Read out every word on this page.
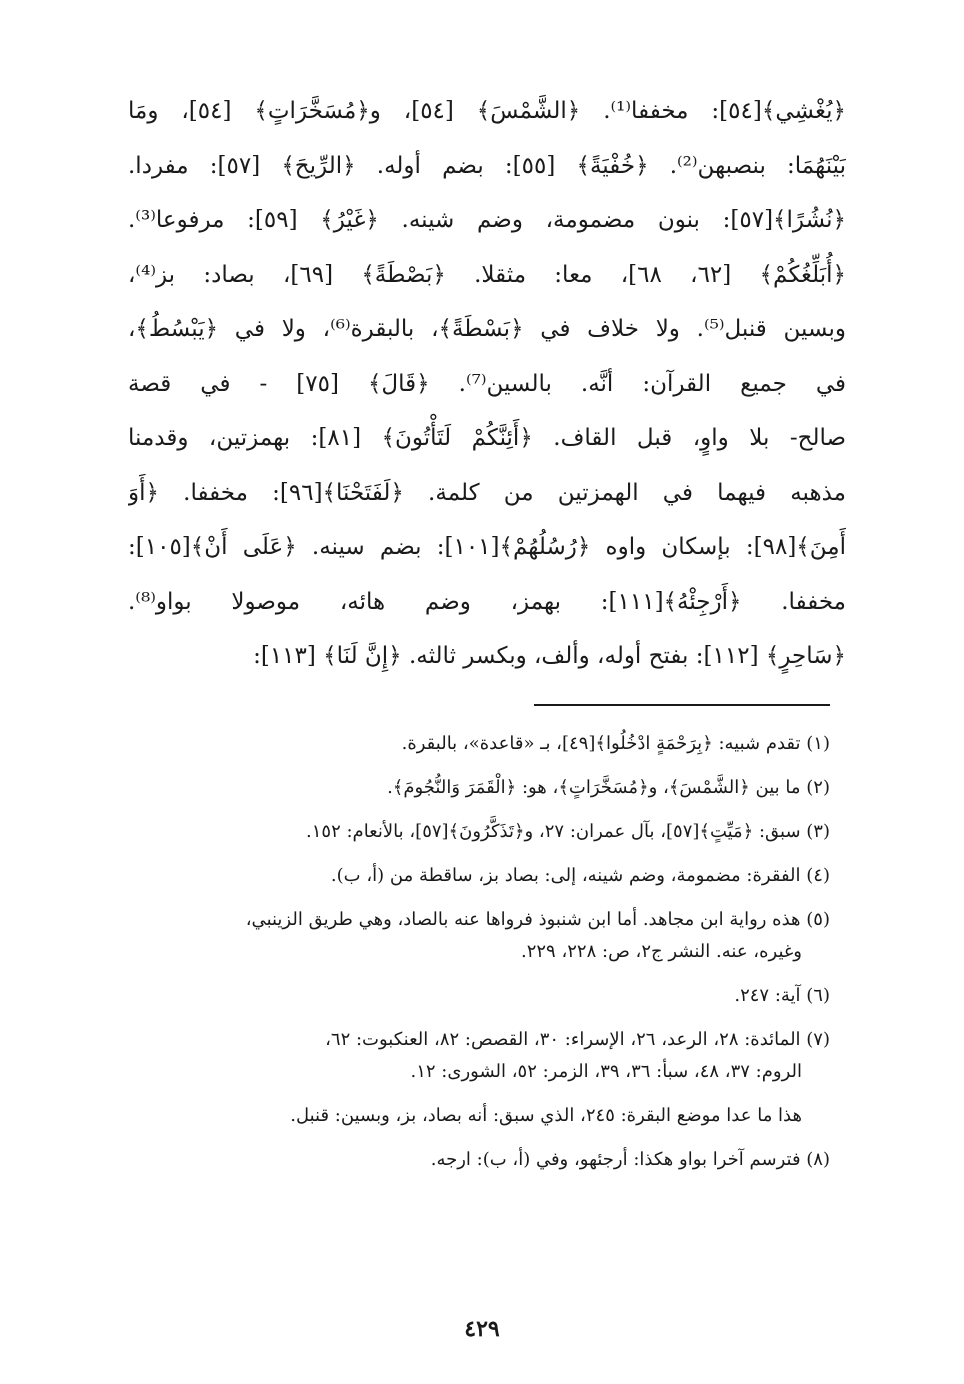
﴿يُغْشِي﴾[٥٤]: مخففا⁽¹⁾. ﴿الشَّمْسَ﴾ [٥٤]، و﴿مُسَخَّرَاتٍ﴾ [٥٤]، ومَا
بَيْنَهُمَا: بنصبهن⁽²⁾. ﴿خُفْيَةً﴾ [٥٥]: بضم أوله. ﴿الرِّيحَ﴾ [٥٧]: مفردا.
﴿نُشُرًا﴾[٥٧]: بنون مضمومة، وضم شينه. ﴿غَيْرُ﴾ [٥٩]: مرفوعا⁽³⁾.
﴿أُبَلِّغُكُمْ﴾ [٦٢، ٦٨]، معا: مثقلا. ﴿بَصْطَةً﴾ [٦٩]، بصاد: بز⁽⁴⁾،
وبسين قنبل⁽⁵⁾. ولا خلاف في ﴿بَسْطَةً﴾، بالبقرة⁽⁶⁾، ولا في ﴿يَبْسُطُ﴾،
في جميع القرآن: أنَّه. بالسين⁽⁷⁾. ﴿قَالَ﴾ [٧٥] - في قصة
صالح- بلا واوٍ، قبل القاف. ﴿أَئِنَّكُمْ لَتَأْتُونَ﴾ [٨١]: بهمزتين، وقدمنا
مذهبه فيهما في الهمزتين من كلمة. ﴿لَفَتَحْنَا﴾[٩٦]: مخففا. ﴿أَوَ
أَمِنَ﴾[٩٨]: بإسكان واوه ﴿رُسُلُهُمْ﴾[١٠١]: بضم سينه. ﴿عَلَى أَنْ﴾[١٠٥]:
مخففا. ﴿أَرْجِئْهُ﴾[١١١]: بهمز، وضم هائه، موصولا بواو⁽⁸⁾.
﴿سَاحِرٍ﴾ [١١٢]: بفتح أوله، وألف، وبكسر ثالثه. ﴿إِنَّ لَنَا﴾ [١١٣]:
(١) تقدم شبيه: ﴿بِرَحْمَةٍ ادْخُلُوا﴾[٤٩]، بـ «قاعدة»، بالبقرة.
(٢) ما بين ﴿الشَّمْسَ﴾، و﴿مُسَخَّرَاتٍ﴾، هو: ﴿الْقَمَرَ وَالنُّجُومَ﴾.
(٣) سبق: ﴿مَيِّتٍ﴾[٥٧]، بآل عمران: ٢٧، و﴿تَذَكَّرُونَ﴾[٥٧]، بالأنعام: ١٥٢.
(٤) الفقرة: مضمومة، وضم شينه، إلى: بصاد بز، ساقطة من (أ، ب).
(٥) هذه رواية ابن مجاهد. أما ابن شنبوذ فرواها عنه بالصاد، وهي طريق الزينبي،
وغيره، عنه. النشر ج٢، ص: ٢٢٨، ٢٢٩.
(٦) آية: ٢٤٧.
(٧) المائدة: ٢٨، الرعد، ٢٦، الإسراء: ٣٠، القصص: ٨٢، العنكبوت: ٦٢،
الروم: ٣٧، ٤٨، سبأ: ٣٦، ٣٩، الزمر: ٥٢، الشورى: ١٢.
هذا ما عدا موضع البقرة: ٢٤٥، الذي سبق: أنه بصاد، بز، وبسين: قنبل.
(٨) فترسم آخرا بواو هكذا: أرجئهو، وفي (أ، ب): ارجه.
٤٢٩
